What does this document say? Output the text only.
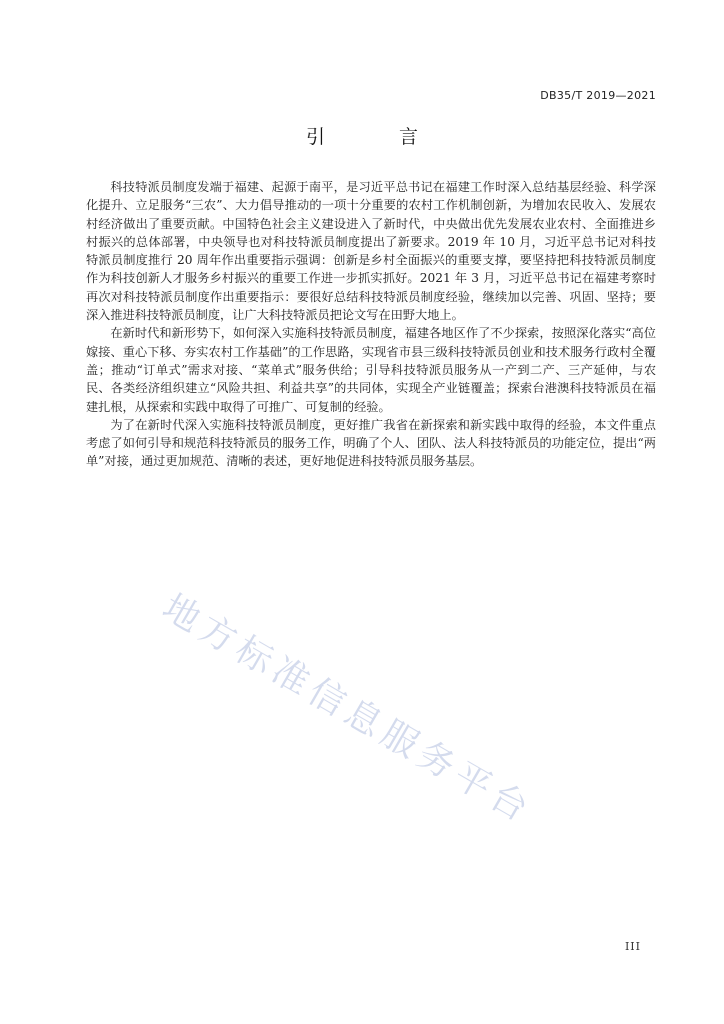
DB35/T 2019—2021
引 言

科技特派员制度发端于福建、起源于南平，是习近平总书记在福建工作时深入总结基层经验、科学深化提升、立足服务“三农”、大力倡导推动的一项十分重要的农村工作机制创新，为增加农民收入、发展农村经济做出了重要贡献。中国特色社会主义建设进入了新时代，中央做出优先发展农业农村、全面推进乡村振兴的总体部署，中央领导也对科技特派员制度提出了新要求。2019 年 10 月，习近平总书记对科技特派员制度推行 20 周年作出重要指示强调：创新是乡村全面振兴的重要支撑，要坚持把科技特派员制度作为科技创新人才服务乡村振兴的重要工作进一步抓实抓好。2021 年 3 月，习近平总书记在福建考察时再次对科技特派员制度作出重要指示：要很好总结科技特派员制度经验，继续加以完善、巩固、坚持；要深入推进科技特派员制度，让广大科技特派员把论文写在田野大地上。

在新时代和新形势下，如何深入实施科技特派员制度，福建各地区作了不少探索，按照深化落实“高位嫁接、重心下移、夯实农村工作基础”的工作思路，实现省市县三级科技特派员创业和技术服务行政村全覆盖；推动“订单式”需求对接、“菜单式”服务供给；引导科技特派员服务从一产到二产、三产延伸，与农民、各类经济组织建立“风险共担、利益共享”的共同体，实现全产业链覆盖；探索台港澳科技特派员在福建扎根，从探索和实践中取得了可推广、可复制的经验。

为了在新时代深入实施科技特派员制度，更好推广我省在新探索和新实践中取得的经验，本文件重点考虑了如何引导和规范科技特派员的服务工作，明确了个人、团队、法人科技特派员的功能定位，提出“两单”对接，通过更加规范、清晰的表述，更好地促进科技特派员服务基层。

地方标准信息服务平台
III
